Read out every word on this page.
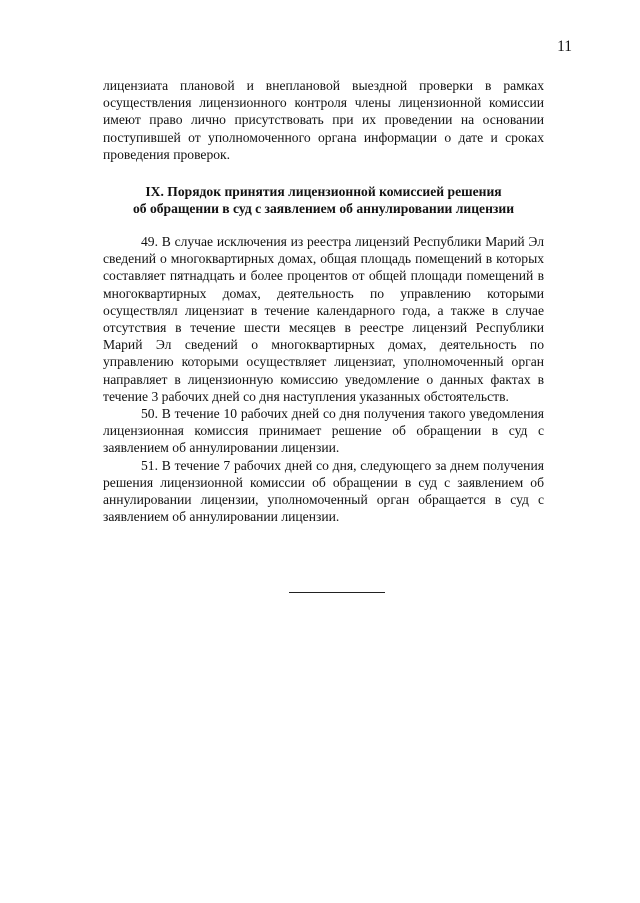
11

лицензиата плановой и внеплановой выездной проверки в рамках осуществления лицензионного контроля члены лицензионной комиссии имеют право лично присутствовать при их проведении на основании поступившей от уполномоченного органа информации о дате и сроках проведения проверок.

IX. Порядок принятия лицензионной комиссией решения
об обращении в суд с заявлением об аннулировании лицензии

49. В случае исключения из реестра лицензий Республики Марий Эл сведений о многоквартирных домах, общая площадь помещений в которых составляет пятнадцать и более процентов от общей площади помещений в многоквартирных домах, деятельность по управлению которыми осуществлял лицензиат в течение календарного года, а также в случае отсутствия в течение шести месяцев в реестре лицензий Республики Марий Эл сведений о многоквартирных домах, деятельность по управлению которыми осуществляет лицензиат, уполномоченный орган направляет в лицензионную комиссию уведомление о данных фактах в течение 3 рабочих дней со дня наступления указанных обстоятельств.

50. В течение 10 рабочих дней со дня получения такого уведомления лицензионная комиссия принимает решение об обращении в суд с заявлением об аннулировании лицензии.

51. В течение 7 рабочих дней со дня, следующего за днем получения решения лицензионной комиссии об обращении в суд с заявлением об аннулировании лицензии, уполномоченный орган обращается в суд с заявлением об аннулировании лицензии.
